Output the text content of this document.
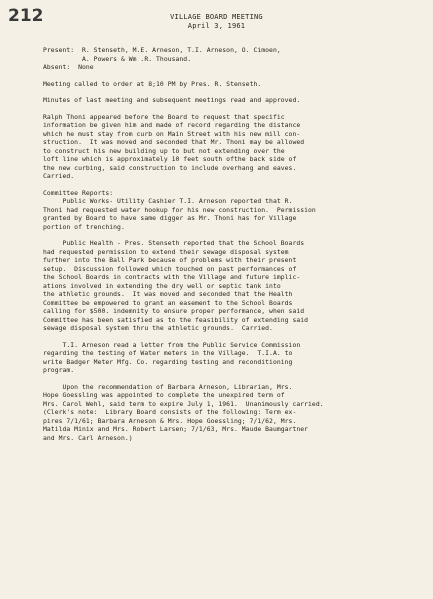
212	VILLAGE BOARD MEETING
April 3, 1961

Present:  R. Stenseth, M.E. Arneson, T.I. Arneson, O. Cimoen,

A. Powers & Wm .R. Thousand.

Absent:  None

Meeting called to order at 8;10 PM by Pres. R. Stenseth.

Minutes of last meeting and subsequent meetings read and approved.

Ralph Thoni appeared before the Board to request that specific

information be given him and made of record regarding the distance

which he must stay from curb on Main Street with his new mill con-

struction.  It was moved and seconded that Mr. Thoni may be allowed

to construct his new building up to but not extending over the

loft line which is approximately 10 feet south ofthe back side of

the new curbing, said construction to include overhang and eaves.

Carried.

Committee Reports:

Public Works- Utility Cashier T.I. Arneson reported that R.

Thoni had requested water hookup for his new construction.  Permission

granted by Board to have same digger as Mr. Thoni has for Village

portion of trenching.

Public Health - Pres. Stenseth reported that the School Boards

had requested permission to extend their sewage disposal system

further into the Ball Park because of problems with their present

setup.  Discussion followed which touched on past performances of

the School Boards in contracts with the Village and future implic-

ations involved in extending the dry well or septic tank into

the athletic grounds.  It was moved and seconded that the Health

Committee be empowered to grant an easement to the School Boards

calling for $500. indemnity to ensure proper performance, when said

Committee has been satisfied as to the feasibility of extending said

sewage disposal system thru the athletic grounds.  Carried.

T.I. Arneson read a letter from the Public Service Commission

regarding the testing of Water meters in the Village.  T.I.A. to

write Badger Meter Mfg. Co. regarding testing and reconditioning

program.

Upon the recommendation of Barbara Arneson, Librarian, Mrs.

Hope Goessling was appointed to complete the unexpired term of

Mrs. Carol Wehl, said term to expire July 1, 1961.  Unanimously carried.

(Clerk's note:  Library Board consists of the following: Term ex-

pires 7/1/61; Barbara Arneson & Mrs. Hope Goessling; 7/1/62, Mrs.

Matilda Minix and Mrs. Robert Larsen; 7/1/63, Mrs. Maude Baumgartner

and Mrs. Carl Arneson.)
